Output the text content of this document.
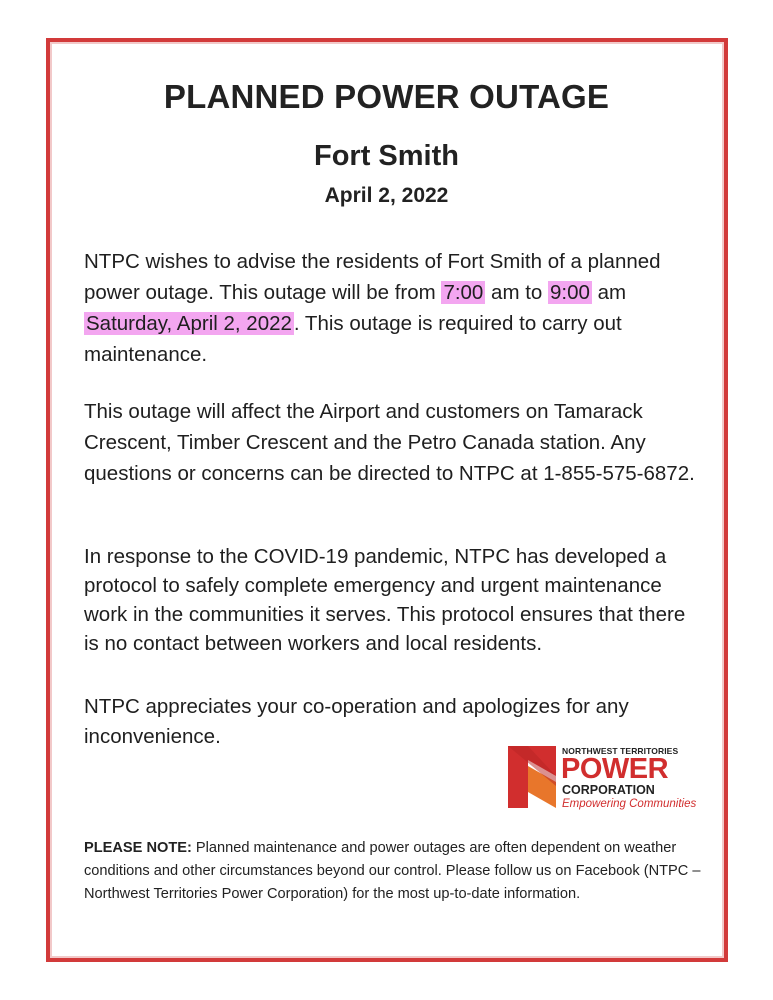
PLANNED POWER OUTAGE
Fort Smith
April 2, 2022

NTPC wishes to advise the residents of Fort Smith of a planned power outage. This outage will be from 7:00 am to 9:00 am Saturday, April 2, 2022. This outage is required to carry out maintenance.

This outage will affect the Airport and customers on Tamarack Crescent, Timber Crescent and the Petro Canada station. Any questions or concerns can be directed to NTPC at 1-855-575-6872.

In response to the COVID-19 pandemic, NTPC has developed a protocol to safely complete emergency and urgent maintenance work in the communities it serves. This protocol ensures that there is no contact between workers and local residents.

NTPC appreciates your co-operation and apologizes for any inconvenience.

NORTHWEST TERRITORIES
POWER
CORPORATION
Empowering Communities

PLEASE NOTE: Planned maintenance and power outages are often dependent on weather conditions and other circumstances beyond our control. Please follow us on Facebook (NTPC – Northwest Territories Power Corporation) for the most up-to-date information.
